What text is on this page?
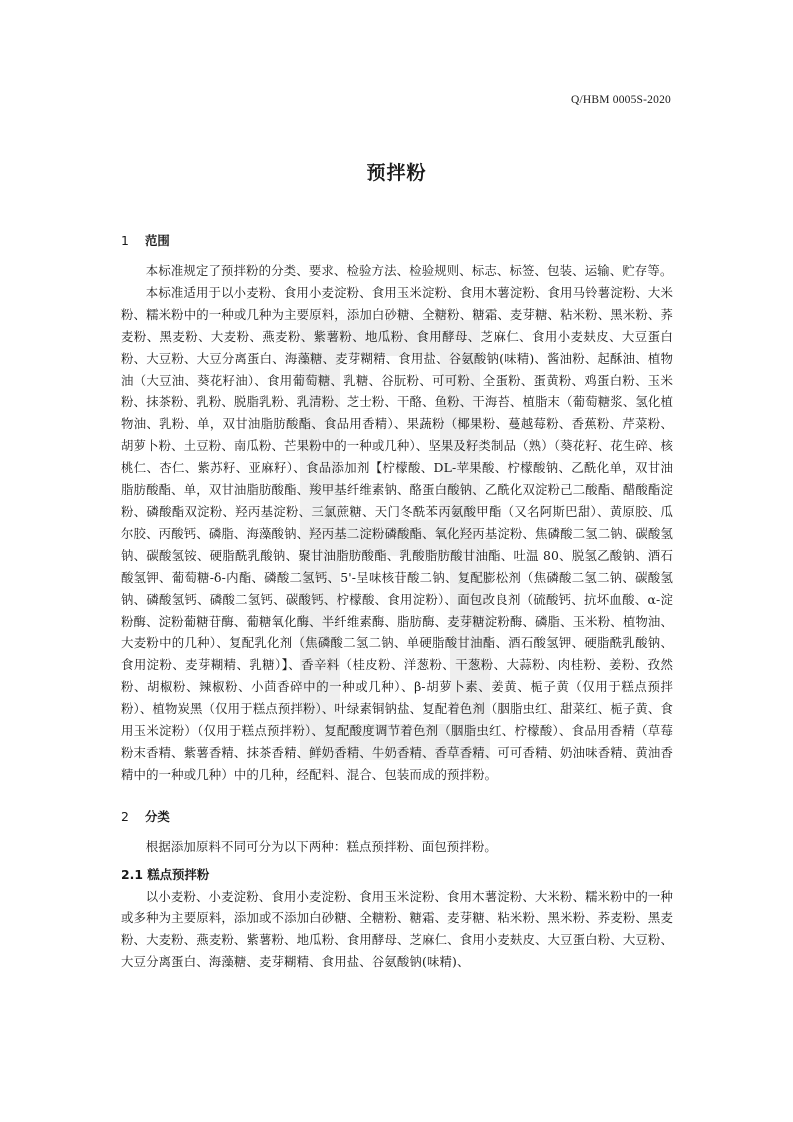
Q/HBM 0005S-2020
预拌粉
1 范围

本标准规定了预拌粉的分类、要求、检验方法、检验规则、标志、标签、包装、运输、贮存等。

本标准适用于以小麦粉、食用小麦淀粉、食用玉米淀粉、食用木薯淀粉、食用马铃薯淀粉、大米粉、糯米粉中的一种或几种为主要原料，添加白砂糖、全糖粉、糖霜、麦芽糖、粘米粉、黑米粉、荞麦粉、黑麦粉、大麦粉、燕麦粉、紫薯粉、地瓜粉、食用酵母、芝麻仁、食用小麦麸皮、大豆蛋白粉、大豆粉、大豆分离蛋白、海藻糖、麦芽糊精、食用盐、谷氨酸钠(味精)、酱油粉、起酥油、植物油（大豆油、葵花籽油）、食用葡萄糖、乳糖、谷朊粉、可可粉、全蛋粉、蛋黄粉、鸡蛋白粉、玉米粉、抹茶粉、乳粉、脱脂乳粉、乳清粉、芝士粉、干酪、鱼粉、干海苔、植脂末（葡萄糖浆、氢化植物油、乳粉、单，双甘油脂肪酸酯、食品用香精）、果蔬粉（椰果粉、蔓越莓粉、香蕉粉、芹菜粉、胡萝卜粉、土豆粉、南瓜粉、芒果粉中的一种或几种）、坚果及籽类制品（熟）（葵花籽、花生碎、核桃仁、杏仁、紫苏籽、亚麻籽）、食品添加剂【柠檬酸、DL-苹果酸、柠檬酸钠、乙酰化单，双甘油脂肪酸酯、单，双甘油脂肪酸酯、羧甲基纤维素钠、酪蛋白酸钠、乙酰化双淀粉己二酸酯、醋酸酯淀粉、磷酸酯双淀粉、羟丙基淀粉、三氯蔗糖、天门冬酰苯丙氨酸甲酯（又名阿斯巴甜）、黄原胶、瓜尔胶、丙酸钙、磷脂、海藻酸钠、羟丙基二淀粉磷酸酯、氧化羟丙基淀粉、焦磷酸二氢二钠、碳酸氢钠、碳酸氢铵、硬脂酰乳酸钠、聚甘油脂肪酸酯、乳酸脂肪酸甘油酯、吐温 80、脱氢乙酸钠、酒石酸氢钾、葡萄糖-δ-内酯、磷酸二氢钙、5'-呈味核苷酸二钠、复配膨松剂（焦磷酸二氢二钠、碳酸氢钠、磷酸氢钙、磷酸二氢钙、碳酸钙、柠檬酸、食用淀粉）、面包改良剂（硫酸钙、抗坏血酸、α-淀粉酶、淀粉葡糖苷酶、葡糖氧化酶、半纤维素酶、脂肪酶、麦芽糖淀粉酶、磷脂、玉米粉、植物油、大麦粉中的几种）、复配乳化剂（焦磷酸二氢二钠、单硬脂酸甘油酯、酒石酸氢钾、硬脂酰乳酸钠、食用淀粉、麦芽糊精、乳糖）】、香辛料（桂皮粉、洋葱粉、干葱粉、大蒜粉、肉桂粉、姜粉、孜然粉、胡椒粉、辣椒粉、小茴香碎中的一种或几种）、β-胡萝卜素、姜黄、栀子黄（仅用于糕点预拌粉）、植物炭黑（仅用于糕点预拌粉）、叶绿素铜钠盐、复配着色剂（胭脂虫红、甜菜红、栀子黄、食用玉米淀粉）（仅用于糕点预拌粉）、复配酸度调节着色剂（胭脂虫红、柠檬酸）、食品用香精（草莓粉末香精、紫薯香精、抹茶香精、鲜奶香精、牛奶香精、香草香精、可可香精、奶油味香精、黄油香精中的一种或几种）中的几种，经配料、混合、包装而成的预拌粉。

2 分类

根据添加原料不同可分为以下两种：糕点预拌粉、面包预拌粉。

2.1 糕点预拌粉

以小麦粉、小麦淀粉、食用小麦淀粉、食用玉米淀粉、食用木薯淀粉、大米粉、糯米粉中的一种或多种为主要原料，添加或不添加白砂糖、全糖粉、糖霜、麦芽糖、粘米粉、黑米粉、荞麦粉、黑麦粉、大麦粉、燕麦粉、紫薯粉、地瓜粉、食用酵母、芝麻仁、食用小麦麸皮、大豆蛋白粉、大豆粉、大豆分离蛋白、海藻糖、麦芽糊精、食用盐、谷氨酸钠(味精)、
